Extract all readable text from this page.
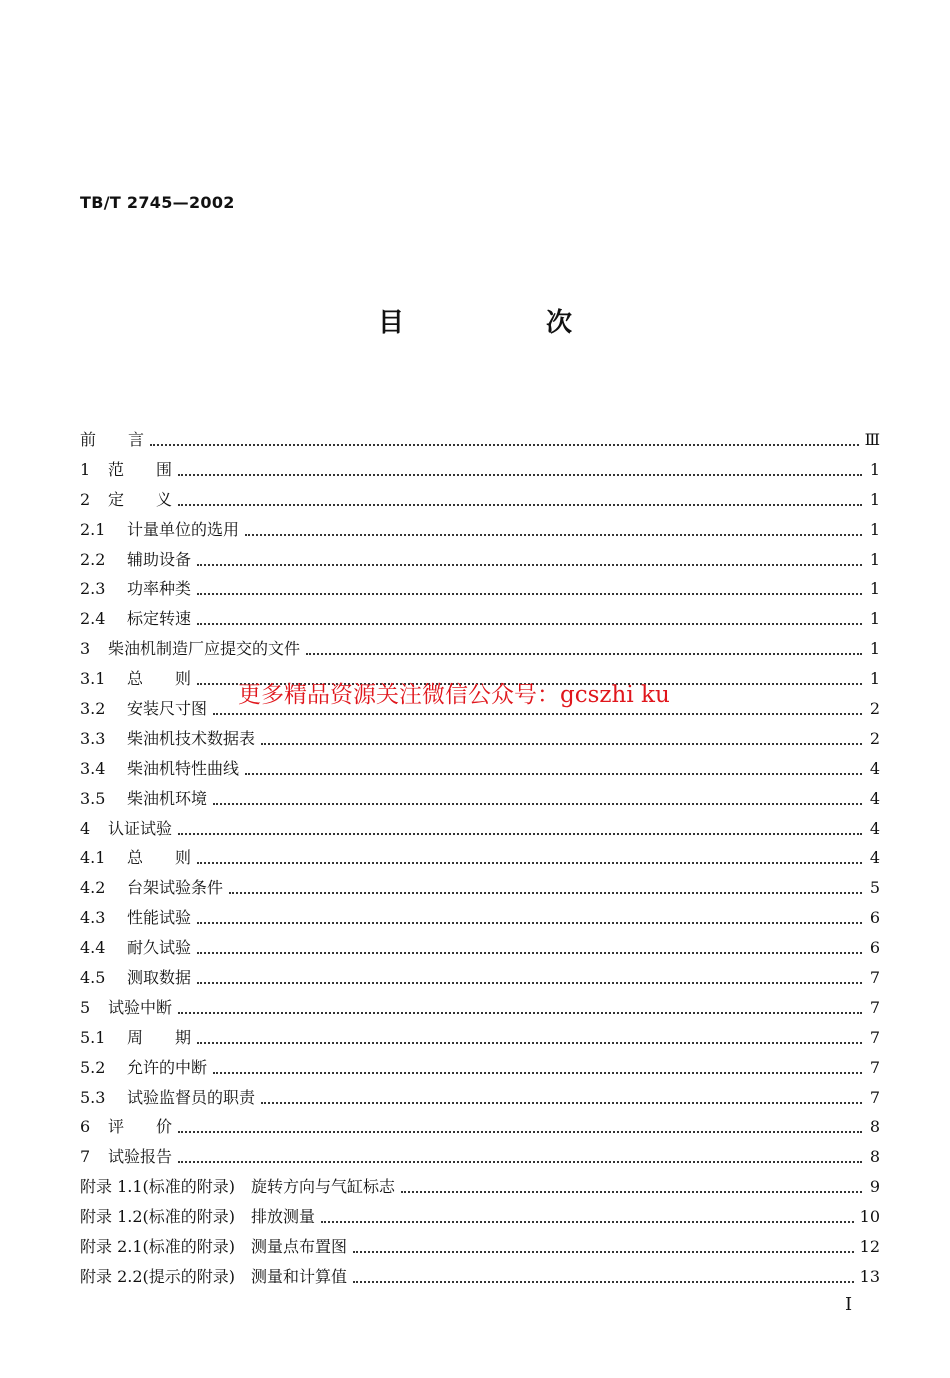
TB/T 2745—2002
目　次
前　　言	Ⅲ
1	范　　围	1
2	定　　义	1
2.1	计量单位的选用	1
2.2	辅助设备	1
2.3	功率种类	1
2.4	标定转速	1
3	柴油机制造厂应提交的文件	1
3.1	总　　则	1
3.2	安装尺寸图	2
3.3	柴油机技术数据表	2
3.4	柴油机特性曲线	4
3.5	柴油机环境	4
4	认证试验	4
4.1	总　　则	4
4.2	台架试验条件	5
4.3	性能试验	6
4.4	耐久试验	6
4.5	测取数据	7
5	试验中断	7
5.1	周　　期	7
5.2	允许的中断	7
5.3	试验监督员的职责	7
6	评　　价	8
7	试验报告	8
附录 1.1(标准的附录)　旋转方向与气缸标志	9
附录 1.2(标准的附录)　排放测量	10
附录 2.1(标准的附录)　测量点布置图	12
附录 2.2(提示的附录)　测量和计算值	13
更多精品资源关注微信公众号：gcszhi ku
I
